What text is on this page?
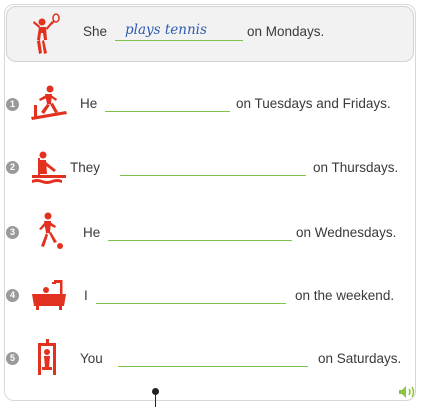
She plays tennis	on Mondays.
1	He	on Tuesdays and Fridays.
2	They	on Thursdays.
3	He	on Wednesdays.
4	I	on the weekend.
5	You	on Saturdays.
